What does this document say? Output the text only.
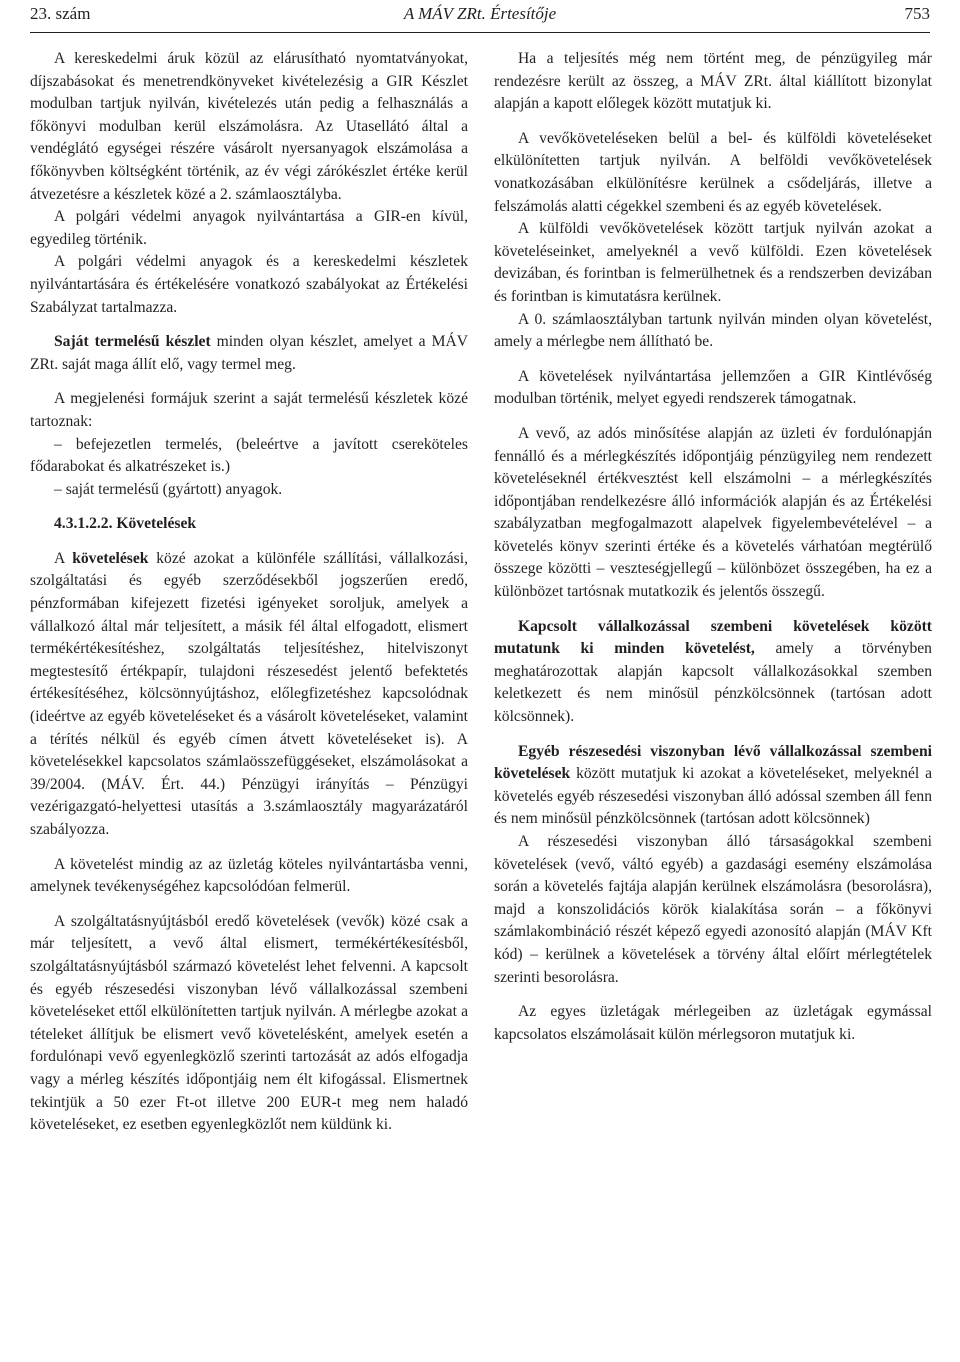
23. szám	A MÁV ZRt. Értesítője	753

A kereskedelmi áruk közül az elárusítható nyomtatványokat, díjszabásokat és menetrendkönyveket kivételezésig a GIR Készlet modulban tartjuk nyilván, kivételezés után pedig a felhasználás a főkönyvi modulban kerül elszámolásra. Az Utasellátó által a vendéglátó egységei részére vásárolt nyersanyagok elszámolása a főkönyvben költségként történik, az év végi zárókészlet értéke kerül átvezetésre a készletek közé a 2. számlaosztályba.

A polgári védelmi anyagok nyilvántartása a GIR-en kívül, egyedileg történik.

A polgári védelmi anyagok és a kereskedelmi készletek nyilvántartására és értékelésére vonatkozó szabályokat az Értékelési Szabályzat tartalmazza.

Saját termelésű készlet minden olyan készlet, amelyet a MÁV ZRt. saját maga állít elő, vagy termel meg.

A megjelenési formájuk szerint a saját termelésű készletek közé tartoznak:

– befejezetlen termelés, (beleértve a javított csereköteles fődarabokat és alkatrészeket is.)

– saját termelésű (gyártott) anyagok.

4.3.1.2.2. Követelések

A követelések közé azokat a különféle szállítási, vállalkozási, szolgáltatási és egyéb szerződésekből jogszerűen eredő, pénzformában kifejezett fizetési igényeket soroljuk, amelyek a vállalkozó által már teljesített, a másik fél által elfogadott, elismert termékértékesítéshez, szolgáltatás teljesítéshez, hitelviszonyt megtestesítő értékpapír, tulajdoni részesedést jelentő befektetés értékesítéséhez, kölcsönnyújtáshoz, előlegfizetéshez kapcsolódnak (ideértve az egyéb követeléseket és a vásárolt követeléseket, valamint a térítés nélkül és egyéb címen átvett követeléseket is). A követelésekkel kapcsolatos számlaösszefüggéseket, elszámolásokat a 39/2004. (MÁV. Ért. 44.) Pénzügyi irányítás – Pénzügyi vezérigazgató-helyettesi utasítás a 3.számlaosztály magyarázatáról szabályozza.

A követelést mindig az az üzletág köteles nyilvántartásba venni, amelynek tevékenységéhez kapcsolódóan felmerül.

A szolgáltatásnyújtásból eredő követelések (vevők) közé csak a már teljesített, a vevő által elismert, termékértékesítésből, szolgáltatásnyújtásból származó követelést lehet felvenni. A kapcsolt és egyéb részesedési viszonyban lévő vállalkozással szembeni követeléseket ettől elkülönítetten tartjuk nyilván. A mérlegbe azokat a tételeket állítjuk be elismert vevő követelésként, amelyek esetén a fordulónapi vevő egyenlegközlő szerinti tartozását az adós elfogadja vagy a mérleg készítés időpontjáig nem élt kifogással. Elismertnek tekintjük a 50 ezer Ft-ot illetve 200 EUR-t meg nem haladó követeléseket, ez esetben egyenlegközlőt nem küldünk ki.

Ha a teljesítés még nem történt meg, de pénzügyileg már rendezésre került az összeg, a MÁV ZRt. által kiállított bizonylat alapján a kapott előlegek között mutatjuk ki.

A vevőköveteléseken belül a bel- és külföldi követeléseket elkülönítetten tartjuk nyilván. A belföldi vevőkövetelések vonatkozásában elkülönítésre kerülnek a csődeljárás, illetve a felszámolás alatti cégekkel szembeni és az egyéb követelések.

A külföldi vevőkövetelések között tartjuk nyilván azokat a követeléseinket, amelyeknél a vevő külföldi. Ezen követelések devizában, és forintban is felmerülhetnek és a rendszerben devizában és forintban is kimutatásra kerülnek.

A 0. számlaosztályban tartunk nyilván minden olyan követelést, amely a mérlegbe nem állítható be.

A követelések nyilvántartása jellemzően a GIR Kintlévőség modulban történik, melyet egyedi rendszerek támogatnak.

A vevő, az adós minősítése alapján az üzleti év fordulónapján fennálló és a mérlegkészítés időpontjáig pénzügyileg nem rendezett követeléseknél értékvesztést kell elszámolni – a mérlegkészítés időpontjában rendelkezésre álló információk alapján és az Értékelési szabályzatban megfogalmazott alapelvek figyelembevételével – a követelés könyv szerinti értéke és a követelés várhatóan megtérülő összege közötti – veszteségjellegű – különbözet összegében, ha ez a különbözet tartósnak mutatkozik és jelentős összegű.

Kapcsolt vállalkozással szembeni követelések között mutatunk ki minden követelést, amely a törvényben meghatározottak alapján kapcsolt vállalkozásokkal szemben keletkezett és nem minősül pénzkölcsönnek (tartósan adott kölcsönnek).

Egyéb részesedési viszonyban lévő vállalkozással szembeni követelések között mutatjuk ki azokat a követeléseket, melyeknél a követelés egyéb részesedési viszonyban álló adóssal szemben áll fenn és nem minősül pénzkölcsönnek (tartósan adott kölcsönnek)

A részesedési viszonyban álló társaságokkal szembeni követelések (vevő, váltó egyéb) a gazdasági esemény elszámolása során a követelés fajtája alapján kerülnek elszámolásra (besorolásra), majd a konszolidációs körök kialakítása során – a főkönyvi számlakombináció részét képező egyedi azonosító alapján (MÁV Kft kód) – kerülnek a követelések a törvény által előírt mérlegtételek szerinti besorolásra.

Az egyes üzletágak mérlegeiben az üzletágak egymással kapcsolatos elszámolásait külön mérlegsoron mutatjuk ki.
